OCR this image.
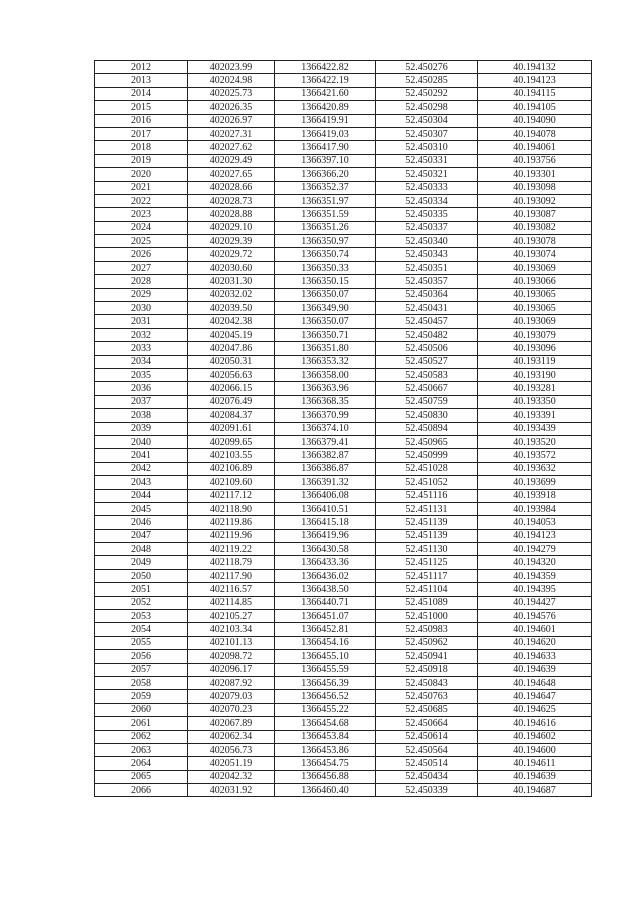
2012	402023.99	1366422.82	52.450276	40.194132
2013	402024.98	1366422.19	52.450285	40.194123
2014	402025.73	1366421.60	52.450292	40.194115
2015	402026.35	1366420.89	52.450298	40.194105
2016	402026.97	1366419.91	52.450304	40.194090
2017	402027.31	1366419.03	52.450307	40.194078
2018	402027.62	1366417.90	52.450310	40.194061
2019	402029.49	1366397.10	52.450331	40.193756
2020	402027.65	1366366.20	52.450321	40.193301
2021	402028.66	1366352.37	52.450333	40.193098
2022	402028.73	1366351.97	52.450334	40.193092
2023	402028.88	1366351.59	52.450335	40.193087
2024	402029.10	1366351.26	52.450337	40.193082
2025	402029.39	1366350.97	52.450340	40.193078
2026	402029.72	1366350.74	52.450343	40.193074
2027	402030.60	1366350.33	52.450351	40.193069
2028	402031.30	1366350.15	52.450357	40.193066
2029	402032.02	1366350.07	52.450364	40.193065
2030	402039.50	1366349.90	52.450431	40.193065
2031	402042.38	1366350.07	52.450457	40.193069
2032	402045.19	1366350.71	52.450482	40.193079
2033	402047.86	1366351.80	52.450506	40.193096
2034	402050.31	1366353.32	52.450527	40.193119
2035	402056.63	1366358.00	52.450583	40.193190
2036	402066.15	1366363.96	52.450667	40.193281
2037	402076.49	1366368.35	52.450759	40.193350
2038	402084.37	1366370.99	52.450830	40.193391
2039	402091.61	1366374.10	52.450894	40.193439
2040	402099.65	1366379.41	52.450965	40.193520
2041	402103.55	1366382.87	52.450999	40.193572
2042	402106.89	1366386.87	52.451028	40.193632
2043	402109.60	1366391.32	52.451052	40.193699
2044	402117.12	1366406.08	52.451116	40.193918
2045	402118.90	1366410.51	52.451131	40.193984
2046	402119.86	1366415.18	52.451139	40.194053
2047	402119.96	1366419.96	52.451139	40.194123
2048	402119.22	1366430.58	52.451130	40.194279
2049	402118.79	1366433.36	52.451125	40.194320
2050	402117.90	1366436.02	52.451117	40.194359
2051	402116.57	1366438.50	52.451104	40.194395
2052	402114.85	1366440.71	52.451089	40.194427
2053	402105.27	1366451.07	52.451000	40.194576
2054	402103.34	1366452.81	52.450983	40.194601
2055	402101.13	1366454.16	52.450962	40.194620
2056	402098.72	1366455.10	52.450941	40.194633
2057	402096.17	1366455.59	52.450918	40.194639
2058	402087.92	1366456.39	52.450843	40.194648
2059	402079.03	1366456.52	52.450763	40.194647
2060	402070.23	1366455.22	52.450685	40.194625
2061	402067.89	1366454.68	52.450664	40.194616
2062	402062.34	1366453.84	52.450614	40.194602
2063	402056.73	1366453.86	52.450564	40.194600
2064	402051.19	1366454.75	52.450514	40.194611
2065	402042.32	1366456.88	52.450434	40.194639
2066	402031.92	1366460.40	52.450339	40.194687
